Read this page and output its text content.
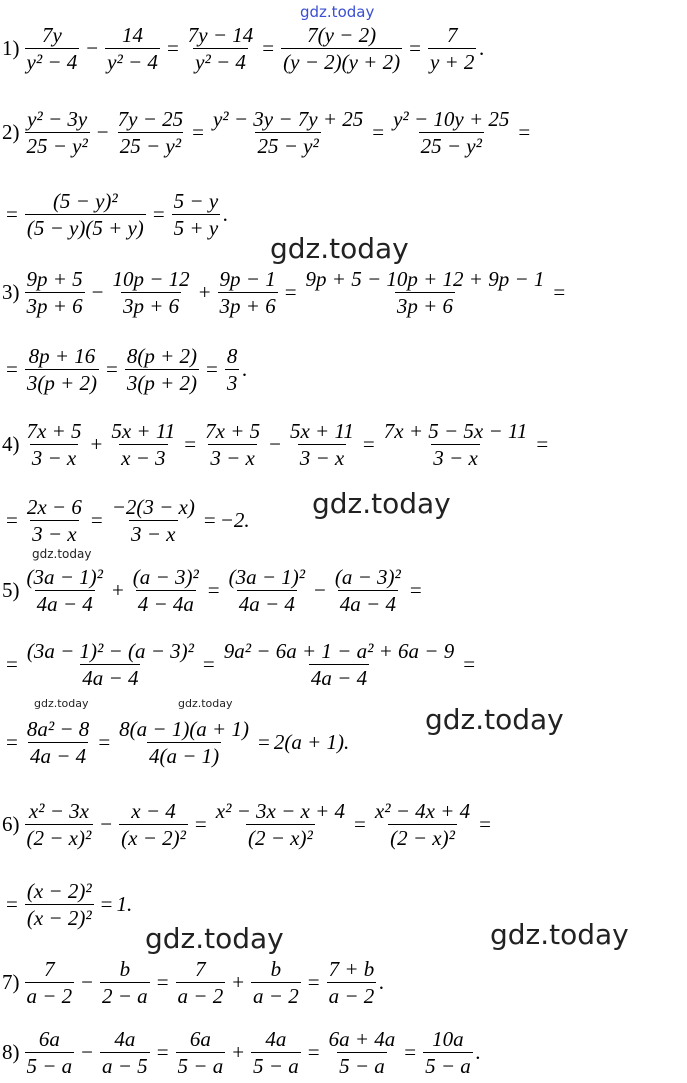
gdz.today
gdz.today
gdz.today
gdz.today
gdz.today	gdz.today	gdz.today
gdz.today	gdz.today
$1) \frac{7y}{\text{y² − 4}} - \frac{14}{\text{y² − 4}} = \frac{7y - 14}{\text{y² − 4}} = \frac{7(y - 2)}{(y - 2)(y + 2)} = \frac{7}{y + 2}$ .
$2) \frac{\text{y² − 3y}}{\text{25 − y²}} - \frac{7y - 25}{\text{25 − y²}} = \frac{\text{y² − 3y − 7y + 25}}{\text{25 − y²}} = \frac{\text{y² − 10y + 25}}{\text{25 − y²}}$ =
= $\frac{\text{(5 − y)²}}{(5 - y)(5 + y)} = \frac{5 - y}{5 + y}$ .
$3) \frac{9p + 5}{3p + 6} - \frac{10p - 12}{3p + 6} + \frac{9p - 1}{3p + 6} = \frac{9p + 5 - 10p + 12 + 9p - 1}{3p + 6}$ =
= $\frac{8p + 16}{3(p + 2)} = \frac{8(p + 2)}{3(p + 2)} = \frac{8}{3}$ .
$4) \frac{7x + 5}{3 - x} + \frac{5x + 11}{x - 3} = \frac{7x + 5}{3 - x} - \frac{5x + 11}{3 - x} = \frac{7x + 5 - 5x - 11}{3 - x}$ =
= $\frac{2x - 6}{3 - x} = \frac{-2(3 - x)}{3 - x} = -2$.
$5) \frac{\text{(3a − 1)²}}{4a - 4} + \frac{\text{(a − 3)²}}{4 - 4a} = \frac{\text{(3a − 1)²}}{4a - 4} - \frac{\text{(a − 3)²}}{4a - 4}$ =
= $\frac{\text{(3a − 1)² − (a − 3)²}}{4a - 4} = \frac{\text{9a² − 6a + 1 − a² + 6a − 9}}{4a - 4}$ =
= $\frac{\text{8a² − 8}}{4a - 4} = \frac{8(a - 1)(a + 1)}{4(a - 1)} = 2(a + 1)$.
$6) \frac{\text{x² − 3x}}{\text{(2 − x)²}} - \frac{x - 4}{\text{(x − 2)²}} = \frac{\text{x² − 3x − x + 4}}{\text{(2 − x)²}} = \frac{\text{x² − 4x + 4}}{\text{(2 − x)²}}$ =
= $\frac{\text{(x − 2)²}}{\text{(x − 2)²}} = 1$.
$7) \frac{7}{a - 2} - \frac{b}{2 - a} = \frac{7}{a - 2} + \frac{b}{a - 2} = \frac{7 + b}{a - 2}$ .
$8) \frac{6a}{5 - a} - \frac{4a}{a - 5} = \frac{6a}{5 - a} + \frac{4a}{5 - a} = \frac{6a + 4a}{5 - a} = \frac{10a}{5 - a}$ .
